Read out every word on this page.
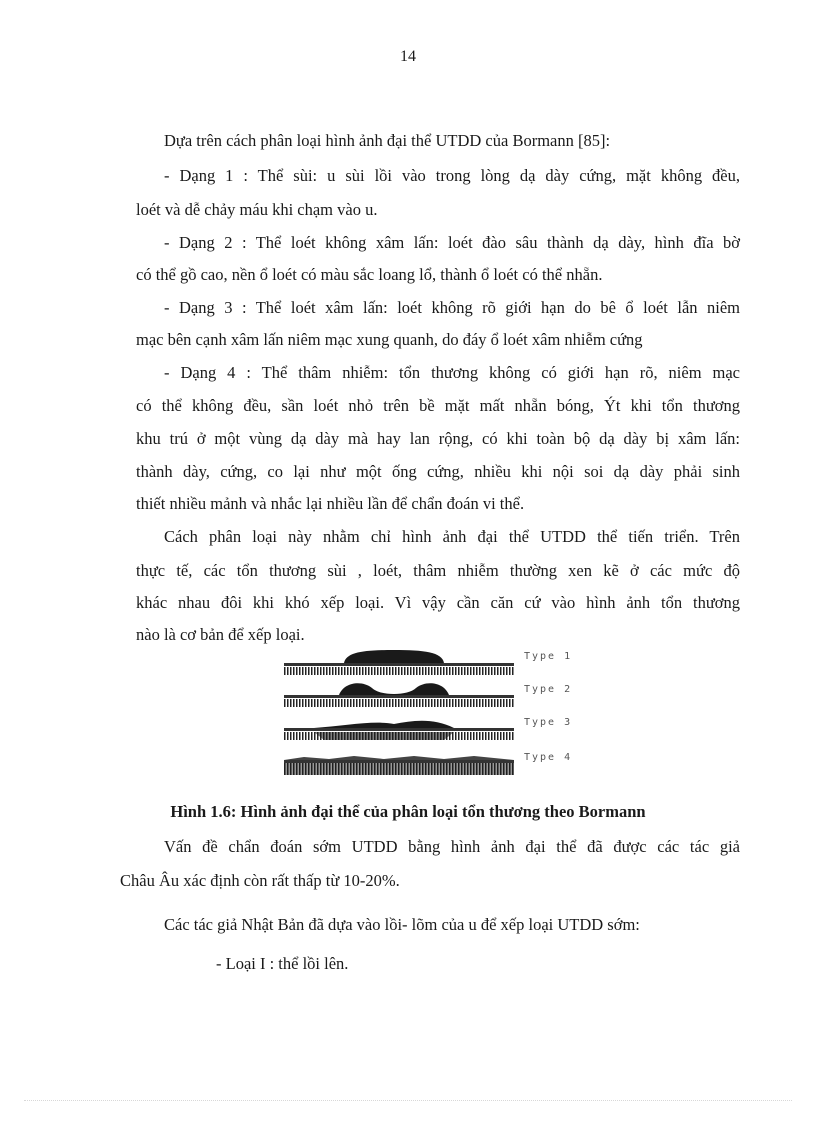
14
Dựa trên cách phân loại hình ảnh đại thể UTDD của Bormann [85]:
- Dạng 1 : Thể sùi: u sùi lồi vào trong lòng dạ dày cứng, mặt không đều,
loét và dễ chảy máu khi chạm vào u.
- Dạng 2 : Thể loét không xâm lấn: loét đào sâu thành dạ dày, hình đĩa bờ
có thể gồ cao, nền ổ loét có màu sắc loang lổ, thành ổ loét có thể nhẵn.
- Dạng 3 : Thể loét xâm lấn: loét không rõ giới hạn do bê ổ loét lẫn niêm
mạc bên cạnh xâm lấn niêm mạc xung quanh, do đáy ổ loét xâm nhiễm cứng
- Dạng 4 : Thể thâm nhiễm: tổn thương không có giới hạn rõ, niêm mạc
có thể không đều, sần loét nhỏ trên bề mặt mất nhẵn bóng, Ýt khi tổn thương
khu trú ở một vùng dạ dày mà hay lan rộng, có khi toàn bộ dạ dày bị xâm lấn:
thành dày, cứng, co lại như một ống cứng, nhiều khi nội soi dạ dày phải sinh
thiết nhiều mảnh và nhắc lại nhiều lần để chẩn đoán vi thể.
Cách phân loại này nhằm chỉ hình ảnh đại thể UTDD thể tiến triển. Trên
thực tế, các tổn thương sùi , loét, thâm nhiễm thường xen kẽ ở các mức độ
khác nhau đôi khi khó xếp loại. Vì vậy cần căn cứ vào hình ảnh tổn thương
nào là cơ bản để xếp loại.
Type 1
Type 2
Type 3
Type 4
Hình 1.6: Hình ảnh đại thể của phân loại tổn thương theo Bormann
Vấn đề chẩn đoán sớm UTDD bằng hình ảnh đại thể đã được các tác giả
Châu Âu xác định còn rất thấp từ 10-20%.
Các tác giả Nhật Bản đã dựa vào lồi- lõm của u để xếp loại UTDD sớm:
- Loại I : thể lồi lên.
